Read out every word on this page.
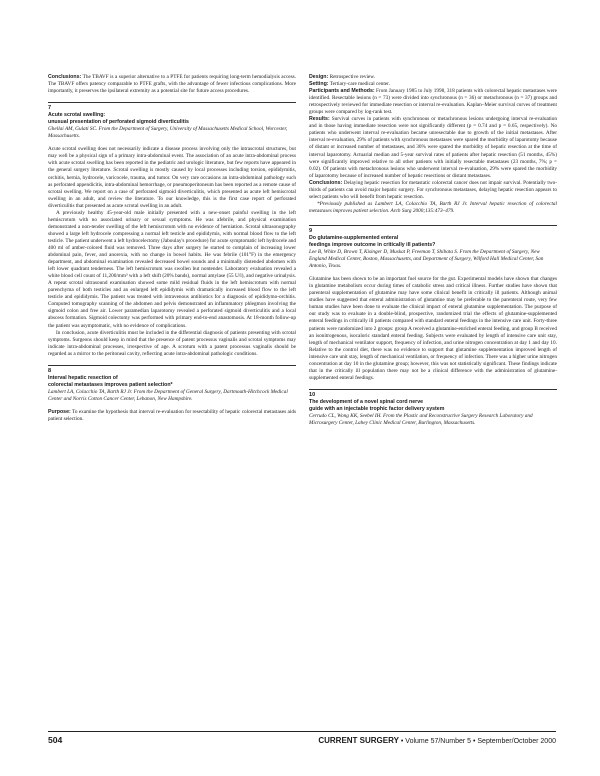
Conclusions: The TBAVF is a superior alternative to a PTFE for patients requiring long-term hemodialysis access. The TBAVF offers patency comparable to PTFE grafts, with the advantage of fewer infectious complications. More importantly, it preserves the ipsilateral extremity as a potential site for future access procedures.

7
Acute scrotal swelling:
unusual presentation of perforated sigmoid diverticulitis
Ghellai AM, Gulati SC. From the Department of Surgery, University of Massachusetts Medical School, Worcester, Massachusetts.

Acute scrotal swelling does not necessarily indicate a disease process involving only the intrascrotal structures, but may well be a physical sign of a primary intra-abdominal event. The association of an acute intra-abdominal process with acute scrotal swelling has been reported in the pediatric and urologic literature, but few reports have appeared in the general surgery literature. Scrotal swelling is mostly caused by local processes including torsion, epididymitis, orchitis, hernia, hydrocele, varicocele, trauma, and tumor. On very rare occasions an intra-abdominal pathology such as perforated appendicitis, intra-abdominal hemorrhage, or pneumoperitoneum has been reported as a remote cause of scrotal swelling. We report on a case of perforated sigmoid diverticulitis, which presented as acute left hemiscrotal swelling in an adult, and review the literature. To our knowledge, this is the first case report of perforated diverticulitis that presented as acute scrotal swelling in an adult.

A previously healthy 45-year-old male initially presented with a new-onset painful swelling in the left hemiscrotum with no associated urinary or sexual symptoms. He was afebrile, and physical examination demonstrated a non-tender swelling of the left hemiscrotum with no evidence of herniation. Scrotal ultrasonography showed a large left hydrocele compressing a normal left testicle and epididymis, with normal blood flow to the left testicle. The patient underwent a left hydrocelectomy (Jaboulay's procedure) for acute symptomatic left hydrocele and 400 ml of amber-colored fluid was removed. Three days after surgery he started to complain of increasing lower abdominal pain, fever, and anorexia, with no change in bowel habits. He was febrile (101°F) in the emergency department, and abdominal examination revealed decreased bowel sounds and a minimally distended abdomen with left lower quadrant tenderness. The left hemiscrotum was swollen but nontender. Laboratory evaluation revealed a white blood cell count of 11,200/mm³ with a left shift (20% bands), normal amylase (55 U/l), and negative urinalysis. A repeat scrotal ultrasound examination showed some mild residual fluids in the left hemiscrotum with normal parenchyma of both testicles and an enlarged left epididymis with dramatically increased blood flow to the left testicle and epididymis. The patient was treated with intravenous antibiotics for a diagnosis of epididymo-orchitis. Computed tomography scanning of the abdomen and pelvis demonstrated an inflammatory phlegmon involving the sigmoid colon and free air. Lower paramedian laparotomy revealed a perforated sigmoid diverticulitis and a local abscess formation. Sigmoid colectomy was performed with primary end-to-end anastomosis. At 18-month follow-up the patient was asymptomatic, with no evidence of complications.

In conclusion, acute diverticulitis must be included in the differential diagnosis of patients presenting with scrotal symptoms. Surgeons should keep in mind that the presence of patent processus vaginalis and scrotal symptoms may indicate intra-abdominal processes, irrespective of age. A scrotum with a patent processus vaginalis should be regarded as a mirror to the peritoneal cavity, reflecting acute intra-abdominal pathologic conditions.

8
Interval hepatic resection of
colorectal metastases improves patient selection*
Lambert LA, Colacchio TA, Barth RJ Jr. From the Department of General Surgery, Dartmouth-Hitchcock Medical Center and Norris Cotton Cancer Center, Lebanon, New Hampshire.

Purpose: To examine the hypothesis that interval re-evaluation for resectability of hepatic colorectal metastases aids patient selection.

Design: Retrospective review.

Setting: Tertiary-care medical center.

Participants and Methods: From January 1985 to July 1998, 318 patients with colorectal hepatic metastases were identified. Resectable lesions (n = 73) were divided into synchronous (n = 36) or metachronous (n = 37) groups and retrospectively reviewed for immediate resection or interval re-evaluation. Kaplan–Meier survival curves of treatment groups were compared by log-rank test.

Results: Survival curves in patients with synchronous or metachronous lesions undergoing interval re-evaluation and in those having immediate resection were not significantly different (p = 0.74 and p = 0.65, respectively). No patients who underwent interval re-evaluation became unresectable due to growth of the initial metastases. After interval re-evaluation, 29% of patients with synchronous metastases were spared the morbidity of laparotomy because of distant or increased number of metastases, and 36% were spared the morbidity of hepatic resection at the time of interval laparotomy. Actuarial median and 5-year survival rates of patients after hepatic resection (51 months, 45%) were significantly improved relative to all other patients with initially resectable metastases (23 months, 7%; p = 0.02). Of patients with metachronous lesions who underwent interval re-evaluation, 29% were spared the morbidity of laparotomy because of increased number of hepatic resections or distant metastases.

Conclusions: Delaying hepatic resection for metastatic colorectal cancer does not impair survival. Potentially two-thirds of patients can avoid major hepatic surgery. For synchronous metastases, delaying hepatic resection appears to select patients who will benefit from hepatic resection.

*Previously published as Lambert LA, Colacchio TA, Barth RJ Jr. Interval hepatic resection of colorectal metastases improves patient selection. Arch Surg 2000;135:473–479.

9
Do glutamine-supplemented enteral
feedings improve outcome in critically ill patients?
Lee B, White D, Brown T, Kisinger D, Muskat P, Freeman T, Shibata S. From the Department of Surgery, New England Medical Center, Boston, Massachusetts, and Department of Surgery, Wilford Hall Medical Center, San Antonio, Texas.

Glutamine has been shown to be an important fuel source for the gut. Experimental models have shown that changes in glutamine metabolism occur during times of catabolic stress and critical illness. Further studies have shown that parenteral supplementation of glutamine may have some clinical benefit in critically ill patients. Although animal studies have suggested that enteral administration of glutamine may be preferable to the parenteral route, very few human studies have been done to evaluate the clinical impact of enteral glutamine supplementation. The purpose of our study was to evaluate in a double-blind, prospective, randomized trial the effects of glutamine-supplemented enteral feedings in critically ill patients compared with standard enteral feedings in the intensive care unit. Forty-three patients were randomized into 2 groups: group A received a glutamine-enriched enteral feeding, and group B received an isonitrogenous, isocaloric standard enteral feeding. Subjects were evaluated by length of intensive care unit stay, length of mechanical ventilator support, frequency of infection, and urine nitrogen concentration at day 1 and day 10. Relative to the control diet, there was no evidence to support that glutamine supplementation improved length of intensive care unit stay, length of mechanical ventilation, or frequency of infection. There was a higher urine nitrogen concentration at day 10 in the glutamine group; however, this was not statistically significant. These findings indicate that in the critically ill population there may not be a clinical difference with the administration of glutamine-supplemented enteral feedings.

10
The development of a novel spinal cord nerve
guide with an injectable trophic factor delivery system
Cerrudo CL, Wong KK, Seebel IH. From the Plastic and Reconstructive Surgery Research Laboratory and Microsurgery Center, Lahey Clinic Medical Center, Burlington, Massachusetts.
504	CURRENT SURGERY • Volume 57/Number 5 • September/October 2000
